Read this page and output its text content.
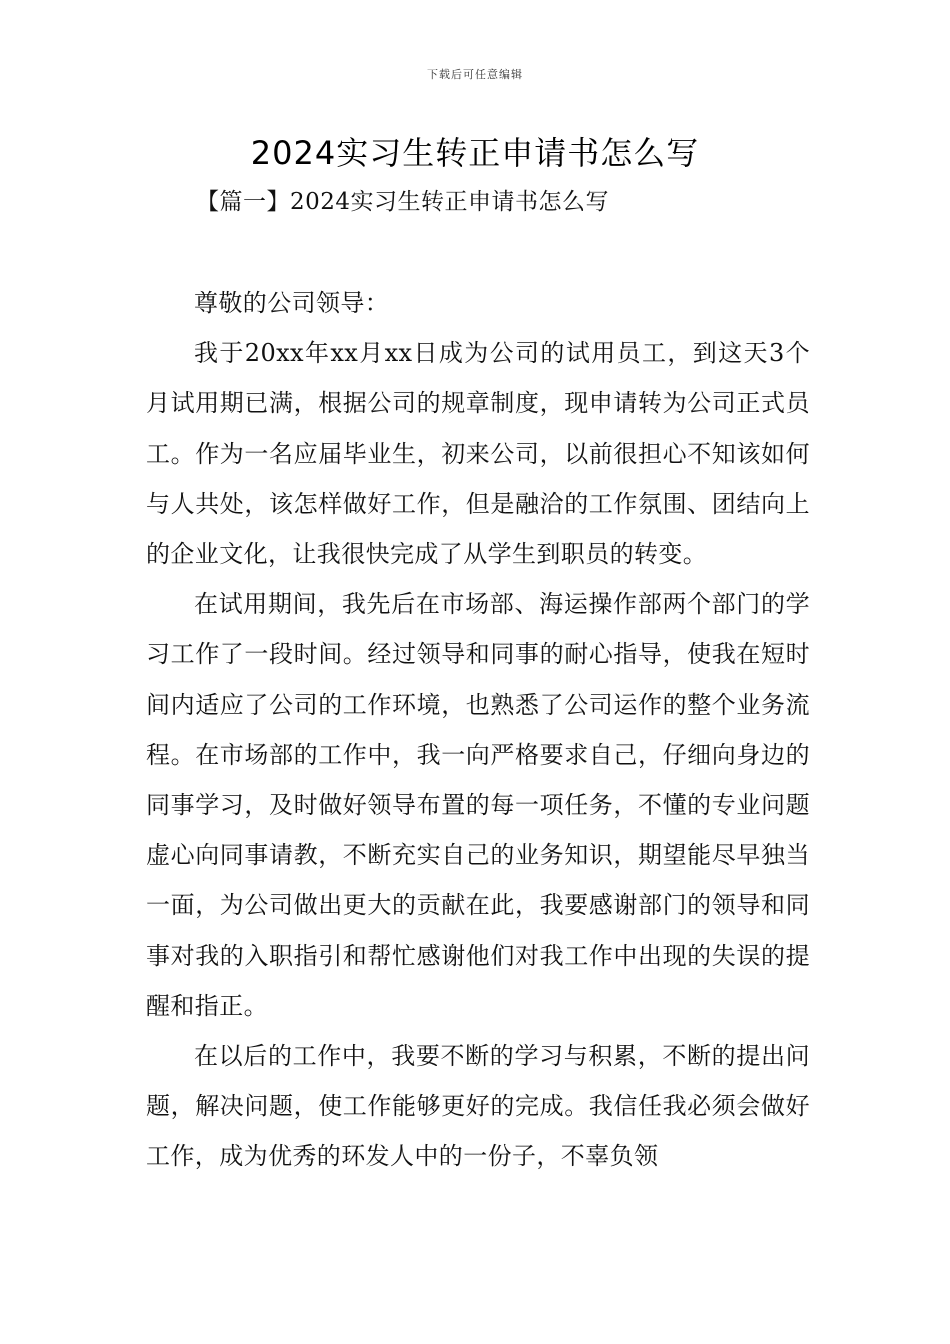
下载后可任意编辑
2024实习生转正申请书怎么写
【篇一】2024实习生转正申请书怎么写

尊敬的公司领导：

我于20xx年xx月xx日成为公司的试用员工，到这天3个月试用期已满，根据公司的规章制度，现申请转为公司正式员工。作为一名应届毕业生，初来公司，以前很担心不知该如何与人共处，该怎样做好工作，但是融洽的工作氛围、团结向上的企业文化，让我很快完成了从学生到职员的转变。

在试用期间，我先后在市场部、海运操作部两个部门的学习工作了一段时间。经过领导和同事的耐心指导，使我在短时间内适应了公司的工作环境，也熟悉了公司运作的整个业务流程。在市场部的工作中，我一向严格要求自己，仔细向身边的同事学习，及时做好领导布置的每一项任务，不懂的专业问题虚心向同事请教，不断充实自己的业务知识，期望能尽早独当一面，为公司做出更大的贡献在此，我要感谢部门的领导和同事对我的入职指引和帮忙感谢他们对我工作中出现的失误的提醒和指正。

在以后的工作中，我要不断的学习与积累，不断的提出问题，解决问题，使工作能够更好的完成。我信任我必须会做好工作，成为优秀的环发人中的一份子，不辜负领
